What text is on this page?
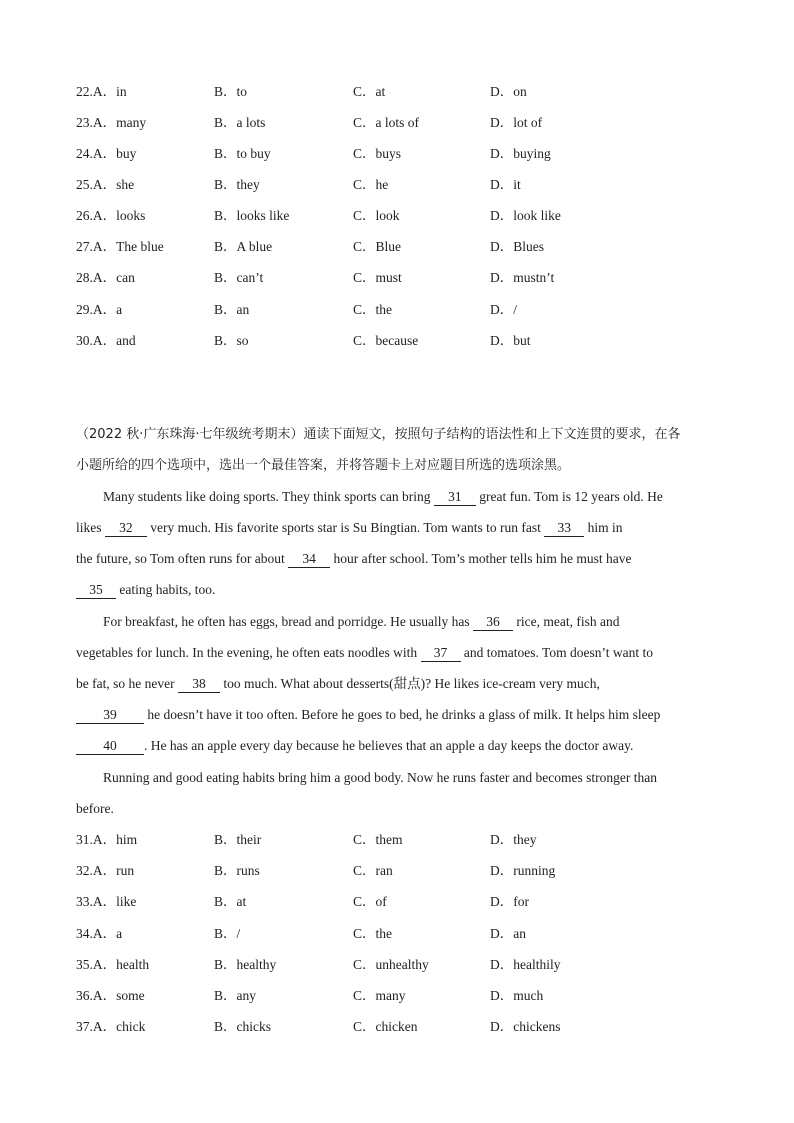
22.A．in	B．to	C．at	D．on
23.A．many	B．a lots	C．a lots of	D．lot of
24.A．buy	B．to buy	C．buys	D．buying
25.A．she	B．they	C．he	D．it
26.A．looks	B．looks like	C．look	D．look like
27.A．The blue	B．A blue	C．Blue	D．Blues
28.A．can	B．can’t	C．must	D．mustn’t
29.A．a	B．an	C．the	D．/
30.A．and	B．so	C．because	D．but
（2022 秋·广东珠海·七年级统考期末）通读下面短文，按照句子结构的语法性和上下文连贯的要求，在各
小题所给的四个选项中，选出一个最佳答案，并将答题卡上对应题目所选的选项涂黑。
Many students like doing sports. They think sports can bring 31 great fun. Tom is 12 years old. He
likes 32 very much. His favorite sports star is Su Bingtian. Tom wants to run fast 33 him in
the future, so Tom often runs for about 34 hour after school. Tom’s mother tells him he must have
35 eating habits, too.
For breakfast, he often has eggs, bread and porridge. He usually has 36 rice, meat, fish and
vegetables for lunch. In the evening, he often eats noodles with 37 and tomatoes. Tom doesn’t want to
be fat, so he never 38 too much. What about desserts(甜点)? He likes ice-cream very much,
39 he doesn’t have it too often. Before he goes to bed, he drinks a glass of milk. It helps him sleep
40 . He has an apple every day because he believes that an apple a day keeps the doctor away.
Running and good eating habits bring him a good body. Now he runs faster and becomes stronger than
before.
31.A．him	B．their	C．them	D．they
32.A．run	B．runs	C．ran	D．running
33.A．like	B．at	C．of	D．for
34.A．a	B．/	C．the	D．an
35.A．health	B．healthy	C．unhealthy	D．healthily
36.A．some	B．any	C．many	D．much
37.A．chick	B．chicks	C．chicken	D．chickens
